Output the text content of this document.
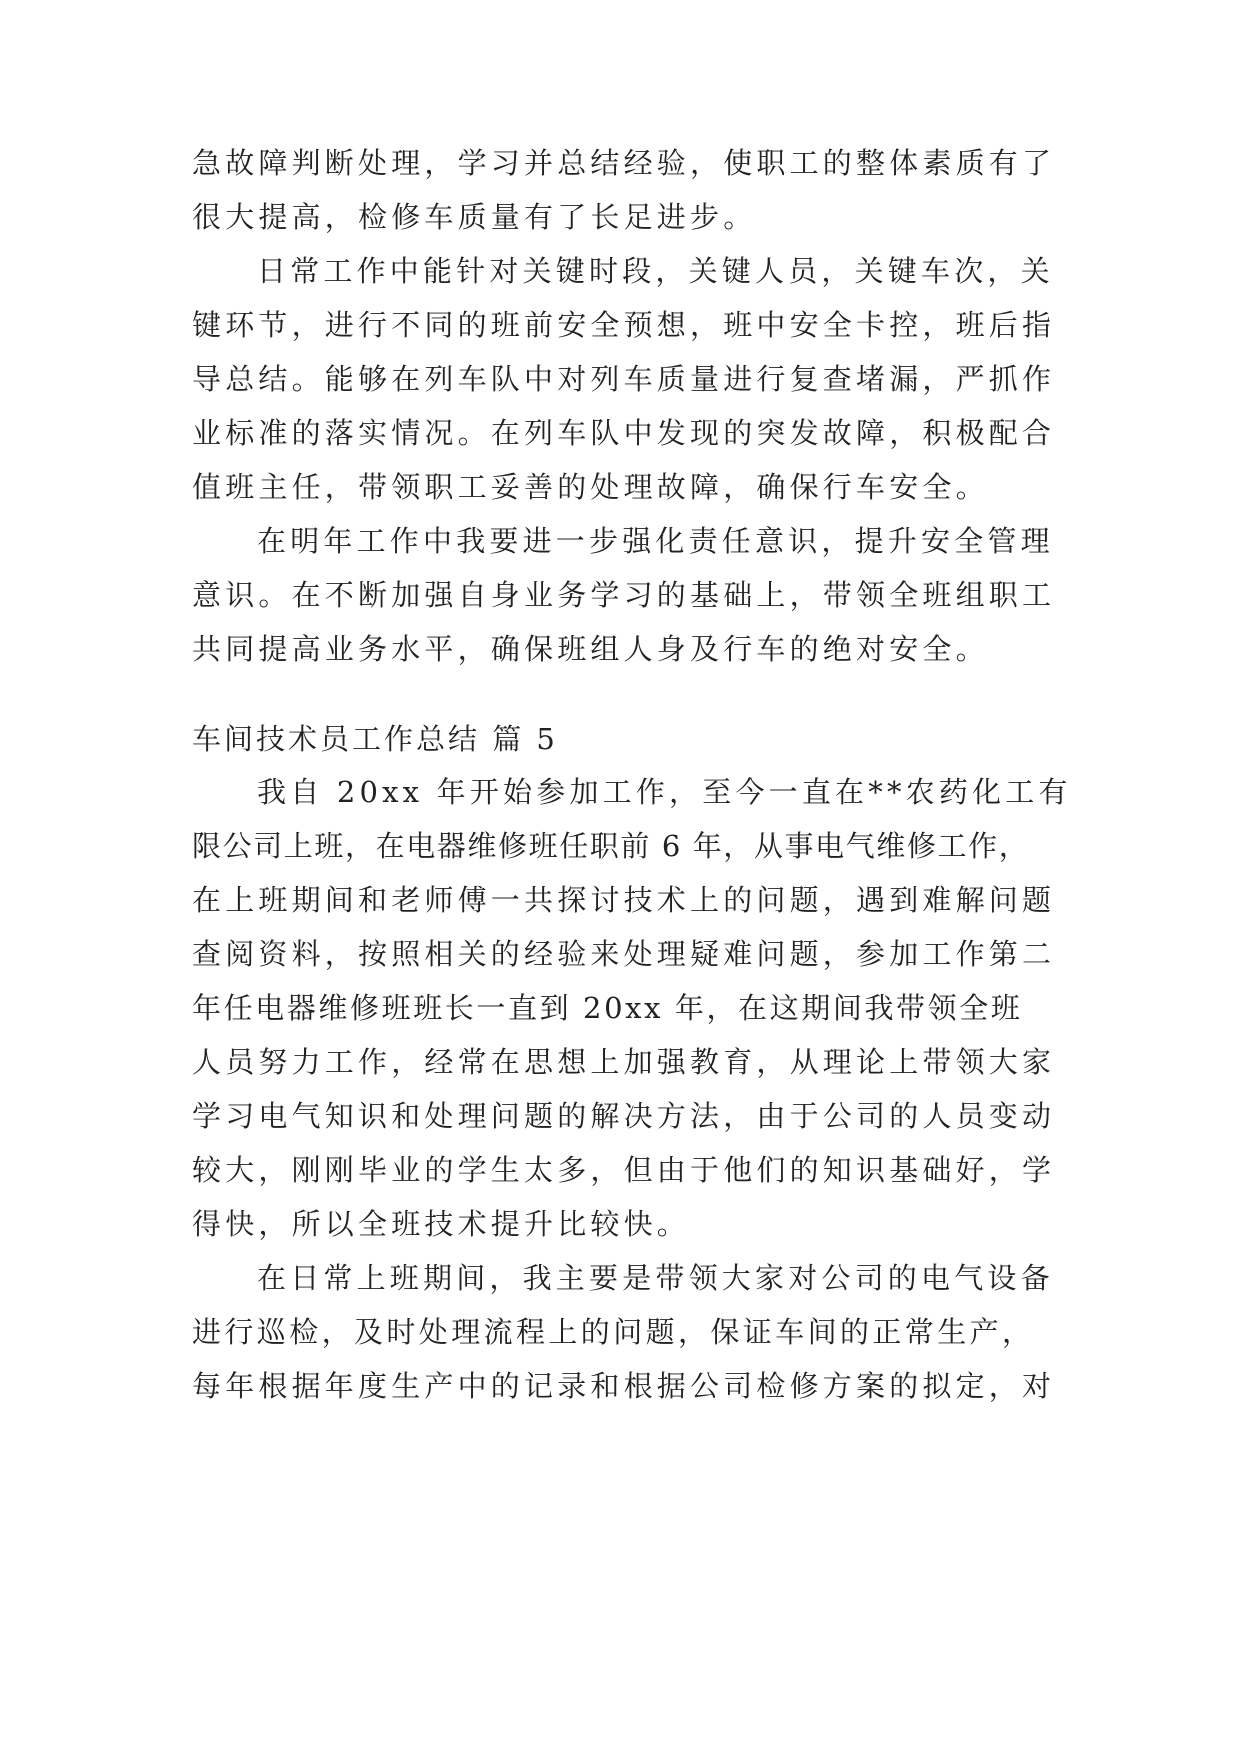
急故障判断处理，学习并总结经验，使职工的整体素质有了
很大提高，检修车质量有了长足进步。
日常工作中能针对关键时段，关键人员，关键车次，关
键环节，进行不同的班前安全预想，班中安全卡控，班后指
导总结。能够在列车队中对列车质量进行复查堵漏，严抓作
业标准的落实情况。在列车队中发现的突发故障，积极配合
值班主任，带领职工妥善的处理故障，确保行车安全。
在明年工作中我要进一步强化责任意识，提升安全管理
意识。在不断加强自身业务学习的基础上，带领全班组职工
共同提高业务水平，确保班组人身及行车的绝对安全。
车间技术员工作总结 篇 5
我自 20xx 年开始参加工作，至今一直在**农药化工有
限公司上班，在电器维修班任职前 6 年，从事电气维修工作，
在上班期间和老师傅一共探讨技术上的问题，遇到难解问题
查阅资料，按照相关的经验来处理疑难问题，参加工作第二
年任电器维修班班长一直到 20xx 年，在这期间我带领全班
人员努力工作，经常在思想上加强教育，从理论上带领大家
学习电气知识和处理问题的解决方法，由于公司的人员变动
较大，刚刚毕业的学生太多，但由于他们的知识基础好，学
得快，所以全班技术提升比较快。
在日常上班期间，我主要是带领大家对公司的电气设备
进行巡检，及时处理流程上的问题，保证车间的正常生产，
每年根据年度生产中的记录和根据公司检修方案的拟定，对
